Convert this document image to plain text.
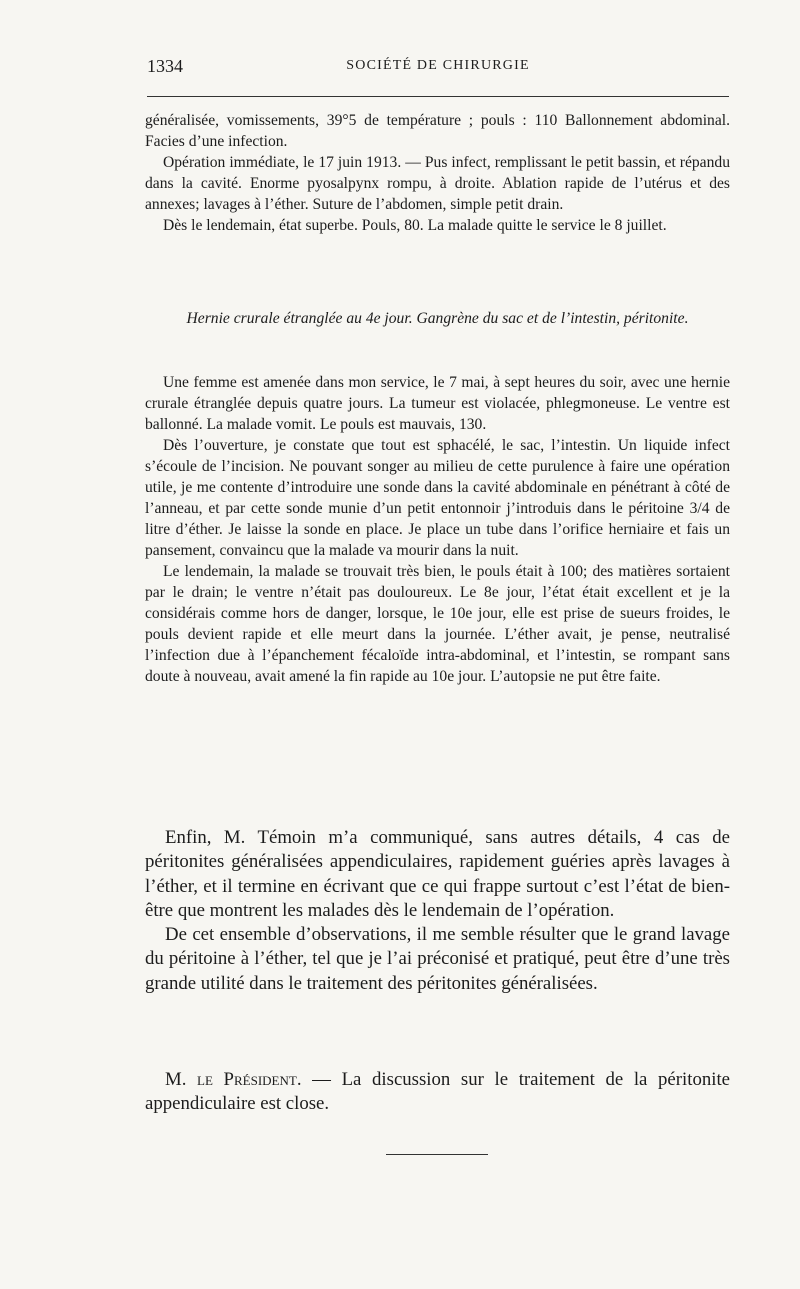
1334	SOCIÉTÉ DE CHIRURGIE

généralisée, vomissements, 39°5 de température ; pouls : 110 Ballonnement abdominal. Facies d’une infection.

Opération immédiate, le 17 juin 1913. — Pus infect, remplissant le petit bassin, et répandu dans la cavité. Enorme pyosalpynx rompu, à droite. Ablation rapide de l’utérus et des annexes; lavages à l’éther. Suture de l’abdomen, simple petit drain.

Dès le lendemain, état superbe. Pouls, 80. La malade quitte le service le 8 juillet.

Hernie crurale étranglée au 4e jour. Gangrène du sac et de l’intestin, péritonite.

Une femme est amenée dans mon service, le 7 mai, à sept heures du soir, avec une hernie crurale étranglée depuis quatre jours. La tumeur est violacée, phlegmoneuse. Le ventre est ballonné. La malade vomit. Le pouls est mauvais, 130.

Dès l’ouverture, je constate que tout est sphacélé, le sac, l’intestin. Un liquide infect s’écoule de l’incision. Ne pouvant songer au milieu de cette purulence à faire une opération utile, je me contente d’introduire une sonde dans la cavité abdominale en pénétrant à côté de l’anneau, et par cette sonde munie d’un petit entonnoir j’introduis dans le péritoine 3/4 de litre d’éther. Je laisse la sonde en place. Je place un tube dans l’orifice herniaire et fais un pansement, convaincu que la malade va mourir dans la nuit.

Le lendemain, la malade se trouvait très bien, le pouls était à 100; des matières sortaient par le drain; le ventre n’était pas douloureux. Le 8e jour, l’état était excellent et je la considérais comme hors de danger, lorsque, le 10e jour, elle est prise de sueurs froides, le pouls devient rapide et elle meurt dans la journée. L’éther avait, je pense, neutralisé l’infection due à l’épanchement fécaloïde intra-abdominal, et l’intestin, se rompant sans doute à nouveau, avait amené la fin rapide au 10e jour. L’autopsie ne put être faite.

Enfin, M. Témoin m’a communiqué, sans autres détails, 4 cas de péritonites généralisées appendiculaires, rapidement guéries après lavages à l’éther, et il termine en écrivant que ce qui frappe surtout c’est l’état de bien-être que montrent les malades dès le lendemain de l’opération.

De cet ensemble d’observations, il me semble résulter que le grand lavage du péritoine à l’éther, tel que je l’ai préconisé et pratiqué, peut être d’une très grande utilité dans le traitement des péritonites généralisées.

M. le Président. — La discussion sur le traitement de la péritonite appendiculaire est close.
